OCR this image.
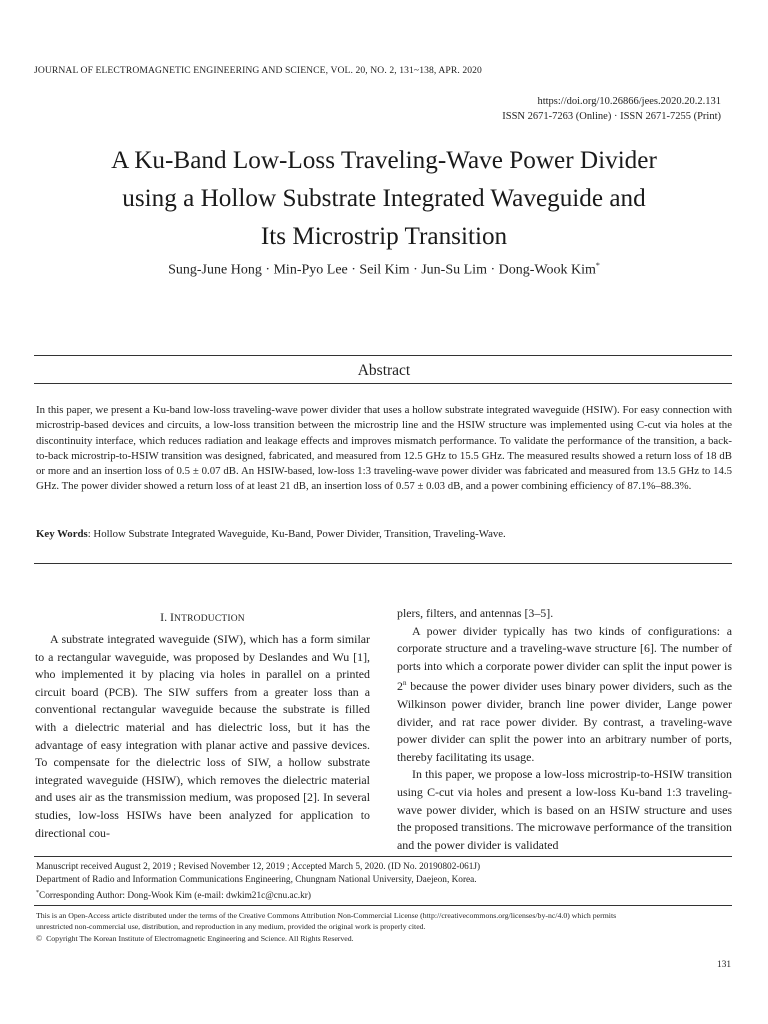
JOURNAL OF ELECTROMAGNETIC ENGINEERING AND SCIENCE, VOL. 20, NO. 2, 131~138, APR. 2020
https://doi.org/10.26866/jees.2020.20.2.131
ISSN 2671-7263 (Online) · ISSN 2671-7255 (Print)
A Ku-Band Low-Loss Traveling-Wave Power Divider
using a Hollow Substrate Integrated Waveguide and
Its Microstrip Transition
Sung-June Hong · Min-Pyo Lee · Seil Kim · Jun-Su Lim · Dong-Wook Kim*
Abstract

In this paper, we present a Ku-band low-loss traveling-wave power divider that uses a hollow substrate integrated waveguide (HSIW). For easy connection with microstrip-based devices and circuits, a low-loss transition between the microstrip line and the HSIW structure was implemented using C-cut via holes at the discontinuity interface, which reduces radiation and leakage effects and improves mismatch performance. To validate the performance of the transition, a back-to-back microstrip-to-HSIW transition was designed, fabricated, and measured from 12.5 GHz to 15.5 GHz. The measured results showed a return loss of 18 dB or more and an insertion loss of 0.5 ± 0.07 dB. An HSIW-based, low-loss 1:3 traveling-wave power divider was fabricated and measured from 13.5 GHz to 14.5 GHz. The power divider showed a return loss of at least 21 dB, an insertion loss of 0.57 ± 0.03 dB, and a power combining efficiency of 87.1%–88.3%.

Key Words: Hollow Substrate Integrated Waveguide, Ku-Band, Power Divider, Transition, Traveling-Wave.
I. INTRODUCTION

A substrate integrated waveguide (SIW), which has a form similar to a rectangular waveguide, was proposed by Deslandes and Wu [1], who implemented it by placing via holes in parallel on a printed circuit board (PCB). The SIW suffers from a greater loss than a conventional rectangular waveguide because the substrate is filled with a dielectric material and has dielectric loss, but it has the advantage of easy integration with planar active and passive devices. To compensate for the dielectric loss of SIW, a hollow substrate integrated waveguide (HSIW), which removes the dielectric material and uses air as the transmission medium, was proposed [2]. In several studies, low-loss HSIWs have been analyzed for application to directional cou-

plers, filters, and antennas [3–5].

A power divider typically has two kinds of configurations: a corporate structure and a traveling-wave structure [6]. The number of ports into which a corporate power divider can split the input power is 2$^n$ because the power divider uses binary power dividers, such as the Wilkinson power divider, branch line power divider, Lange power divider, and rat race power divider. By contrast, a traveling-wave power divider can split the power into an arbitrary number of ports, thereby facilitating its usage.

In this paper, we propose a low-loss microstrip-to-HSIW transition using C-cut via holes and present a low-loss Ku-band 1:3 traveling-wave power divider, which is based on an HSIW structure and uses the proposed transitions. The microwave performance of the transition and the power divider is validated

Manuscript received August 2, 2019 ; Revised November 12, 2019 ; Accepted March 5, 2020. (ID No. 20190802-061J)
Department of Radio and Information Communications Engineering, Chungnam National University, Daejeon, Korea.
*Corresponding Author: Dong-Wook Kim (e-mail: dwkim21c@cnu.ac.kr)
This is an Open-Access article distributed under the terms of the Creative Commons Attribution Non-Commercial License (http://creativecommons.org/licenses/by-nc/4.0) which permits
unrestricted non-commercial use, distribution, and reproduction in any medium, provided the original work is properly cited.
© Copyright The Korean Institute of Electromagnetic Engineering and Science. All Rights Reserved.
131
